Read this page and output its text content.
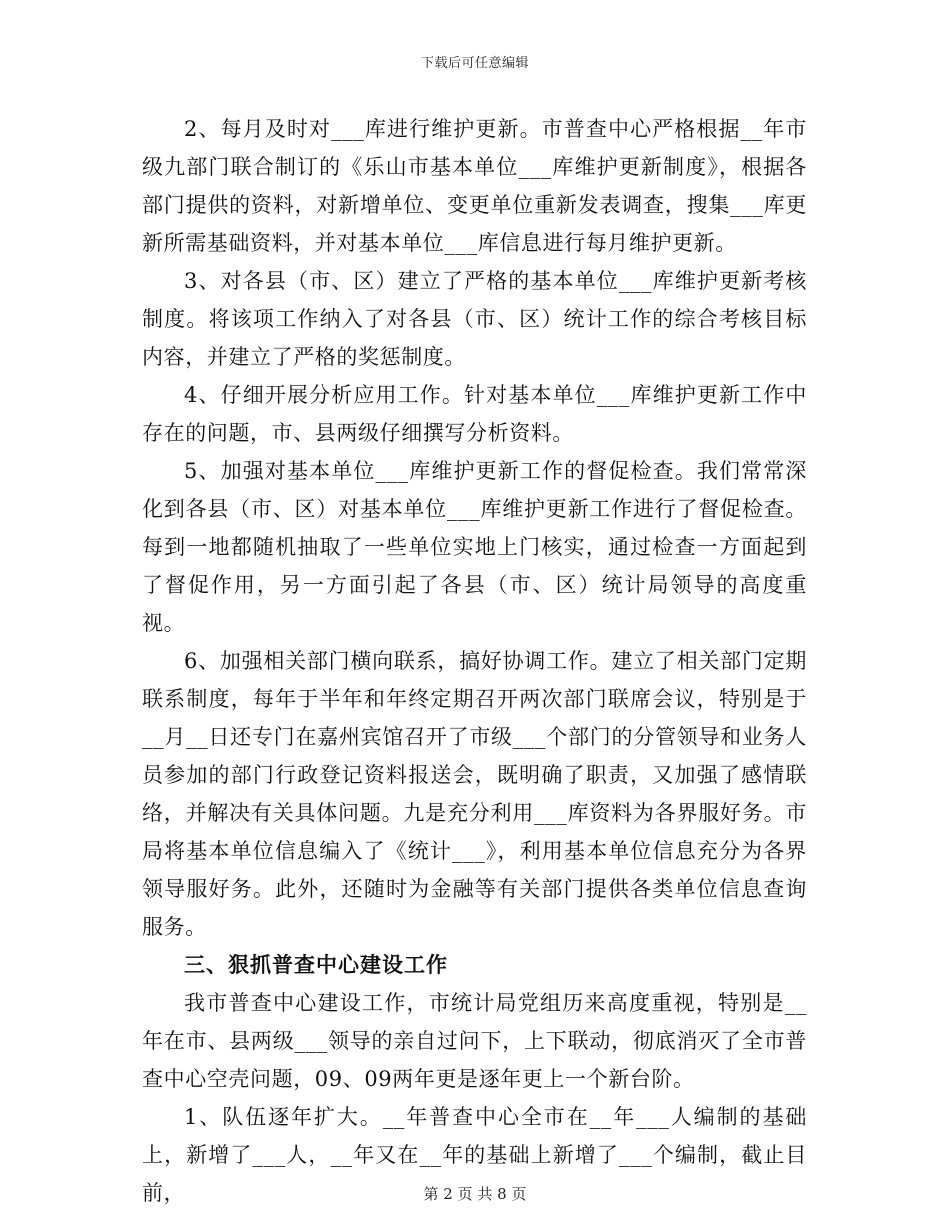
下载后可任意编辑

2、每月及时对___库进行维护更新。市普查中心严格根据__年市级九部门联合制订的《乐山市基本单位___库维护更新制度》，根据各部门提供的资料，对新增单位、变更单位重新发表调查，搜集___库更新所需基础资料，并对基本单位___库信息进行每月维护更新。

3、对各县（市、区）建立了严格的基本单位___库维护更新考核制度。将该项工作纳入了对各县（市、区）统计工作的综合考核目标内容，并建立了严格的奖惩制度。

4、仔细开展分析应用工作。针对基本单位___库维护更新工作中存在的问题，市、县两级仔细撰写分析资料。

5、加强对基本单位___库维护更新工作的督促检查。我们常常深化到各县（市、区）对基本单位___库维护更新工作进行了督促检查。每到一地都随机抽取了一些单位实地上门核实，通过检查一方面起到了督促作用，另一方面引起了各县（市、区）统计局领导的高度重视。

6、加强相关部门横向联系，搞好协调工作。建立了相关部门定期联系制度，每年于半年和年终定期召开两次部门联席会议，特别是于__月__日还专门在嘉州宾馆召开了市级___个部门的分管领导和业务人员参加的部门行政登记资料报送会，既明确了职责，又加强了感情联络，并解决有关具体问题。九是充分利用___库资料为各界服好务。市局将基本单位信息编入了《统计___》，利用基本单位信息充分为各界领导服好务。此外，还随时为金融等有关部门提供各类单位信息查询服务。

三、狠抓普查中心建设工作

我市普查中心建设工作，市统计局党组历来高度重视，特别是__年在市、县两级___领导的亲自过问下，上下联动，彻底消灭了全市普查中心空壳问题，09、09两年更是逐年更上一个新台阶。

1、队伍逐年扩大。__年普查中心全市在__年___人编制的基础上，新增了___人，__年又在__年的基础上新增了___个编制，截止目前，	第 2 页 共 8 页
